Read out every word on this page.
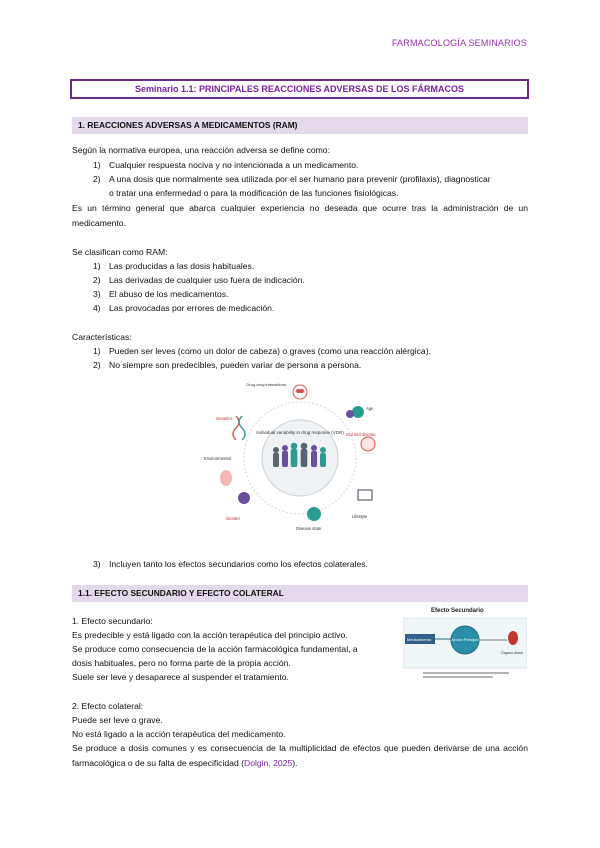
FARMACOLOGÍA SEMINARIOS
Seminario 1.1: PRINCIPALES REACCIONES ADVERSAS DE LOS FÁRMACOS
1. REACCIONES ADVERSAS A MEDICAMENTOS (RAM)
Según la normativa europea, una reacción adversa se define como:
1) Cualquier respuesta nociva y no intencionada a un medicamento.
2) A una dosis que normalmente sea utilizada por el ser humano para prevenir (profilaxis), diagnosticar
o tratar una enfermedad o para la modificación de las funciones fisiológicas.
Es un término general que abarca cualquier experiencia no deseada que ocurre tras la administración de un medicamento.
Se clasifican como RAM:
1) Las producidas a las dosis habituales.
2) Las derivadas de cualquier uso fuera de indicación.
3) El abuso de los medicamentos.
4) Las provocadas por errores de medicación.
Características:
1) Pueden ser leves (como un dolor de cabeza) o graves (como una reacción alérgica).
2) No siempre son predecibles, pueden variar de persona a persona.
Individual variability in drug response (VDR)
Drug-drug interactions
Age
Gut microbiome
Lifestyle
Disease state
Gender
Environmental
Genetics
3) Incluyen tanto los efectos secundarios como los efectos colaterales.
1.1. EFECTO SECUNDARIO Y EFECTO COLATERAL
1. Efecto secundario:
Es predecible y está ligado con la acción terapéutica del principio activo.
Se produce como consecuencia de la acción farmacológica fundamental, a
dosis habituales, pero no forma parte de la propia acción.
Suele ser leve y desaparece al suspender el tratamiento.
Efecto Secundario
Medicamento	Acción Principal
Órgano diana
2. Efecto colateral:
Puede ser leve o grave.
No está ligado a la acción terapéutica del medicamento.
Se produce a dosis comunes y es consecuencia de la multiplicidad de efectos que pueden derivarse de una acción farmacológica o de su falta de especificidad (Dolgin, 2025).
